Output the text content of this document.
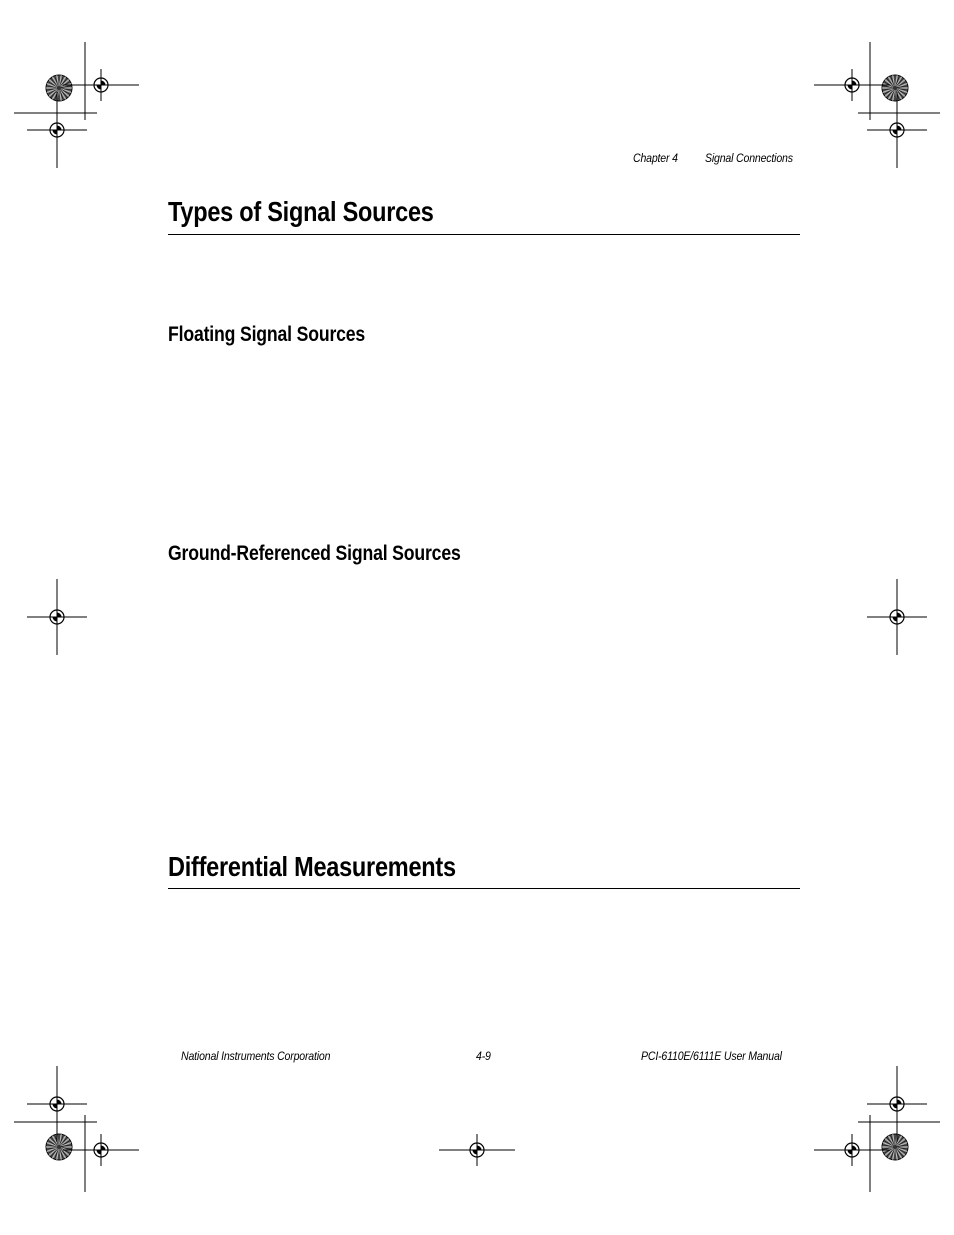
Chapter 4 Signal Connections
Types of Signal Sources
Floating Signal Sources
Ground-Referenced Signal Sources
Differential Measurements
National Instruments Corporation	4-9	PCI-6110E/6111E User Manual
